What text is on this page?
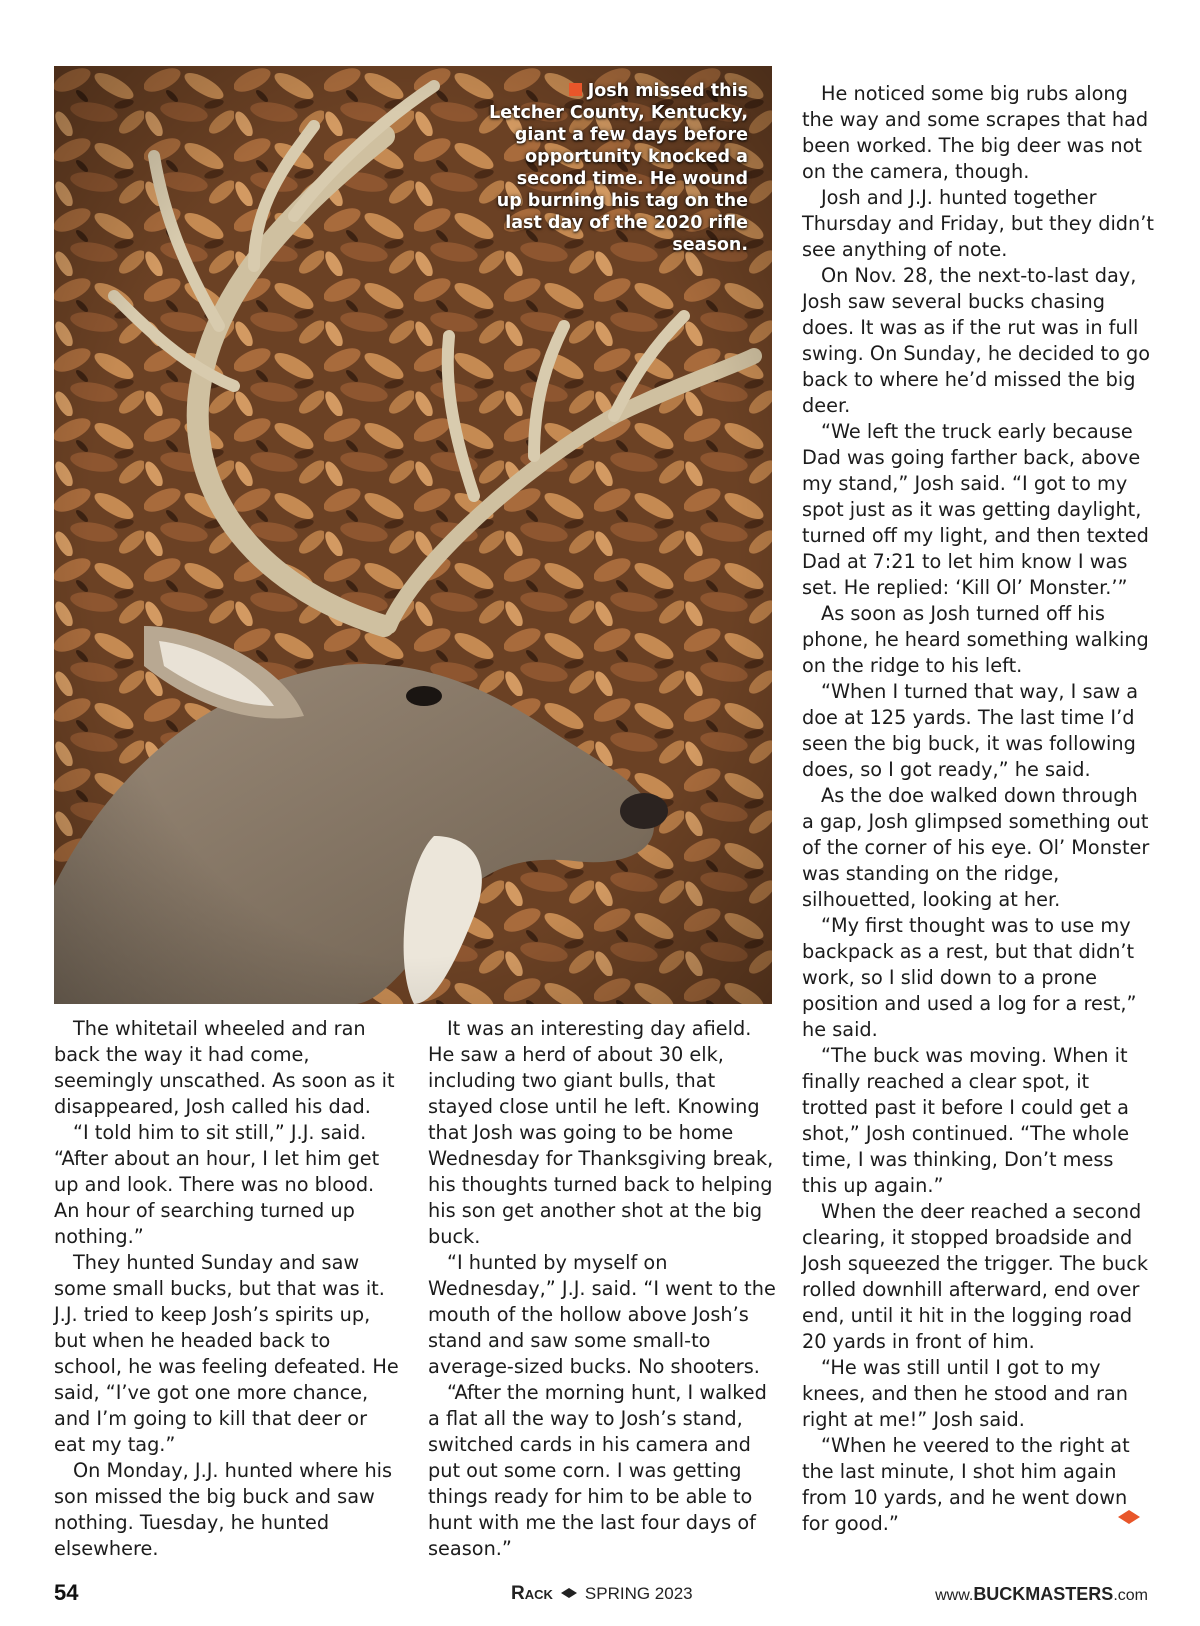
Josh missed this Letcher County, Kentucky, giant a few days before opportunity knocked a second time. He wound up burning his tag on the last day of the 2020 rifle season.

The whitetail wheeled and ran back the way it had come, seemingly unscathed. As soon as it disappeared, Josh called his dad.

“I told him to sit still,” J.J. said. “After about an hour, I let him get up and look. There was no blood. An hour of searching turned up nothing.”

They hunted Sunday and saw some small bucks, but that was it. J.J. tried to keep Josh’s spirits up, but when he headed back to school, he was feeling defeated. He said, “I’ve got one more chance, and I’m going to kill that deer or eat my tag.”

On Monday, J.J. hunted where his son missed the big buck and saw nothing. Tuesday, he hunted elsewhere.

It was an interesting day afield. He saw a herd of about 30 elk, including two giant bulls, that stayed close until he left. Knowing that Josh was going to be home Wednesday for Thanksgiving break, his thoughts turned back to helping his son get another shot at the big buck.

“I hunted by myself on Wednesday,” J.J. said. “I went to the mouth of the hollow above Josh’s stand and saw some small-to average-sized bucks. No shooters.

“After the morning hunt, I walked a flat all the way to Josh’s stand, switched cards in his camera and put out some corn. I was getting things ready for him to be able to hunt with me the last four days of season.”

He noticed some big rubs along the way and some scrapes that had been worked. The big deer was not on the camera, though.

Josh and J.J. hunted together Thursday and Friday, but they didn’t see anything of note.

On Nov. 28, the next-to-last day, Josh saw several bucks chasing does. It was as if the rut was in full swing. On Sunday, he decided to go back to where he’d missed the big deer.

“We left the truck early because Dad was going farther back, above my stand,” Josh said. “I got to my spot just as it was getting daylight, turned off my light, and then texted Dad at 7:21 to let him know I was set. He replied: ‘Kill Ol’ Monster.’”

As soon as Josh turned off his phone, he heard something walking on the ridge to his left.

“When I turned that way, I saw a doe at 125 yards. The last time I’d seen the big buck, it was following does, so I got ready,” he said.

As the doe walked down through a gap, Josh glimpsed something out of the corner of his eye. Ol’ Monster was standing on the ridge, silhouetted, looking at her.

“My first thought was to use my backpack as a rest, but that didn’t work, so I slid down to a prone position and used a log for a rest,” he said.

“The buck was moving. When it finally reached a clear spot, it trotted past it before I could get a shot,” Josh continued. “The whole time, I was thinking, Don’t mess this up again.”

When the deer reached a second clearing, it stopped broadside and Josh squeezed the trigger. The buck rolled downhill afterward, end over end, until it hit in the logging road 20 yards in front of him.

“He was still until I got to my knees, and then he stood and ran right at me!” Josh said.

“When he veered to the right at the last minute, I shot him again from 10 yards, and he went down for good.”

54	Rack SPRING 2023	www.BUCKMASTERS.com
